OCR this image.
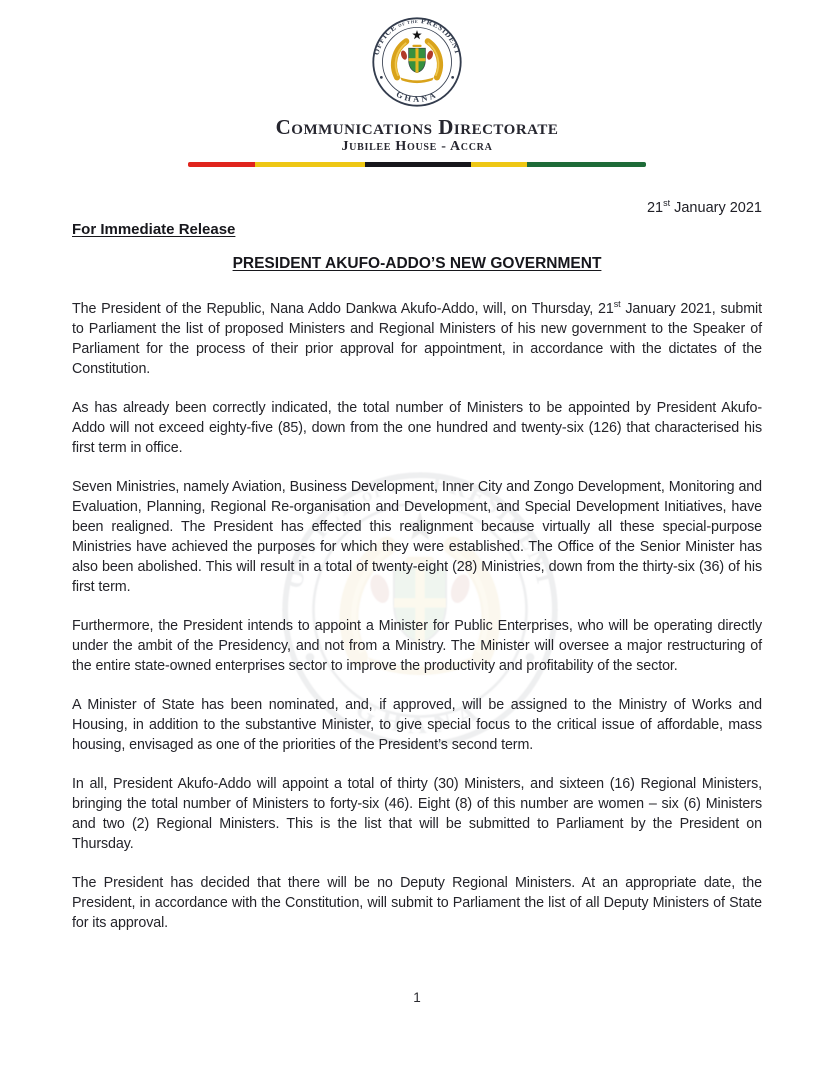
Communications Directorate
Jubilee House - Accra
21st January 2021
For Immediate Release
PRESIDENT AKUFO-ADDO’S NEW GOVERNMENT

The President of the Republic, Nana Addo Dankwa Akufo-Addo, will, on Thursday, 21st January 2021, submit to Parliament the list of proposed Ministers and Regional Ministers of his new government to the Speaker of Parliament for the process of their prior approval for appointment, in accordance with the dictates of the Constitution.

As has already been correctly indicated, the total number of Ministers to be appointed by President Akufo-Addo will not exceed eighty-five (85), down from the one hundred and twenty-six (126) that characterised his first term in office.

Seven Ministries, namely Aviation, Business Development, Inner City and Zongo Development, Monitoring and Evaluation, Planning, Regional Re-organisation and Development, and Special Development Initiatives, have been realigned. The President has effected this realignment because virtually all these special-purpose Ministries have achieved the purposes for which they were established. The Office of the Senior Minister has also been abolished. This will result in a total of twenty-eight (28) Ministries, down from the thirty-six (36) of his first term.

Furthermore, the President intends to appoint a Minister for Public Enterprises, who will be operating directly under the ambit of the Presidency, and not from a Ministry. The Minister will oversee a major restructuring of the entire state-owned enterprises sector to improve the productivity and profitability of the sector.

A Minister of State has been nominated, and, if approved, will be assigned to the Ministry of Works and Housing, in addition to the substantive Minister, to give special focus to the critical issue of affordable, mass housing, envisaged as one of the priorities of the President’s second term.

In all, President Akufo-Addo will appoint a total of thirty (30) Ministers, and sixteen (16) Regional Ministers, bringing the total number of Ministers to forty-six (46). Eight (8) of this number are women – six (6) Ministers and two (2) Regional Ministers. This is the list that will be submitted to Parliament by the President on Thursday.

The President has decided that there will be no Deputy Regional Ministers. At an appropriate date, the President, in accordance with the Constitution, will submit to Parliament the list of all Deputy Ministers of State for its approval.

1
